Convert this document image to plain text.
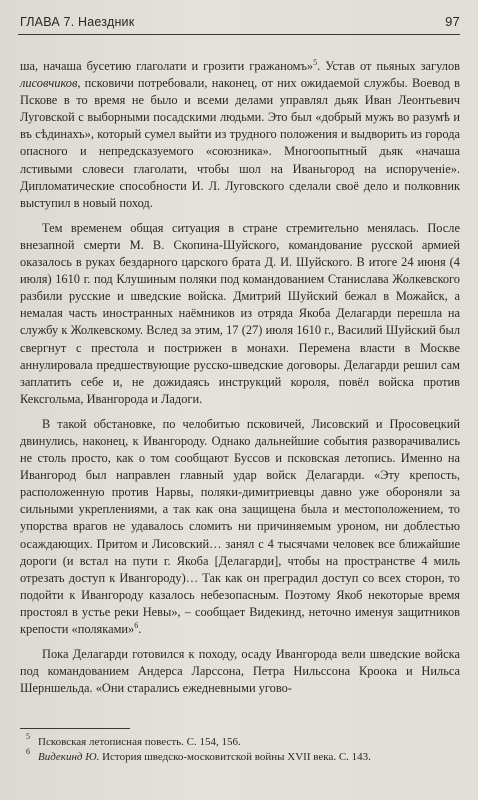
ГЛАВА 7. Наездник	97

ша, начаша бусетию глаголати и грозити гражаномъ»$^5$. Устав от пьяных загулов лисовчиков, псковичи потребовали, наконец, от них ожидаемой службы. Воевод в Пскове в то время не было и всеми делами управлял дьяк Иван Леонтьевич Луговской с выборными посадскими людьми. Это был «добрый мужъ во разумѣ и въ сѣдинахъ», который сумел выйти из трудного положения и выдворить из города опасного и непредсказуемого «союзника». Многоопытный дьяк «начаша лстивыми словеси глаголати, чтобы шол на Иваньгород на испорученіе». Дипломатические способности И. Л. Луговского сделали своё дело и полковник выступил в новый поход.

Тем временем общая ситуация в стране стремительно менялась. После внезапной смерти М. В. Скопина-Шуйского, командование русской армией оказалось в руках бездарного царского брата Д. И. Шуйского. В итоге 24 июня (4 июля) 1610 г. под Клушиным поляки под командованием Станислава Жолкевского разбили русские и шведские войска. Дмитрий Шуйский бежал в Можайск, а немалая часть иностранных наёмников из отряда Якоба Делагарди перешла на службу к Жолкевскому. Вслед за этим, 17 (27) июля 1610 г., Василий Шуйский был свергнут с престола и пострижен в монахи. Перемена власти в Москве аннулировала предшествующие русско-шведские договоры. Делагарди решил сам заплатить себе и, не дожидаясь инструкций короля, повёл войска против Кексгольма, Ивангорода и Ладоги.

В такой обстановке, по челобитью псковичей, Лисовский и Просовецкий двинулись, наконец, к Ивангороду. Однако дальнейшие события разворачивались не столь просто, как о том сообщают Буссов и псковская летопись. Именно на Ивангород был направлен главный удар войск Делагарди. «Эту крепость, расположенную против Нарвы, поляки-димитриевцы давно уже обороняли за сильными укреплениями, а так как она защищена была и местоположением, то упорства врагов не удавалось сломить ни причиняемым уроном, ни доблестью осаждающих. Притом и Лисовский… занял с 4 тысячами человек все ближайшие дороги (и встал на пути г. Якоба [Делагарди], чтобы на пространстве 4 миль отрезать доступ к Ивангороду)… Так как он преградил доступ со всех сторон, то подойти к Ивангороду казалось небезопасным. Поэтому Якоб некоторые время простоял в устье реки Невы», – сообщает Видекинд, неточно именуя защитников крепости «поляками»$^6$.

Пока Делагарди готовился к походу, осаду Ивангорода вели шведские войска под командованием Андерса Ларссона, Петра Нильссона Кроока и Нильса Шерншельда. «Они старались ежедневными угово-

5 Псковская летописная повесть. С. 154, 156.

6 Видекинд Ю. История шведско-московитской войны XVII века. С. 143.
